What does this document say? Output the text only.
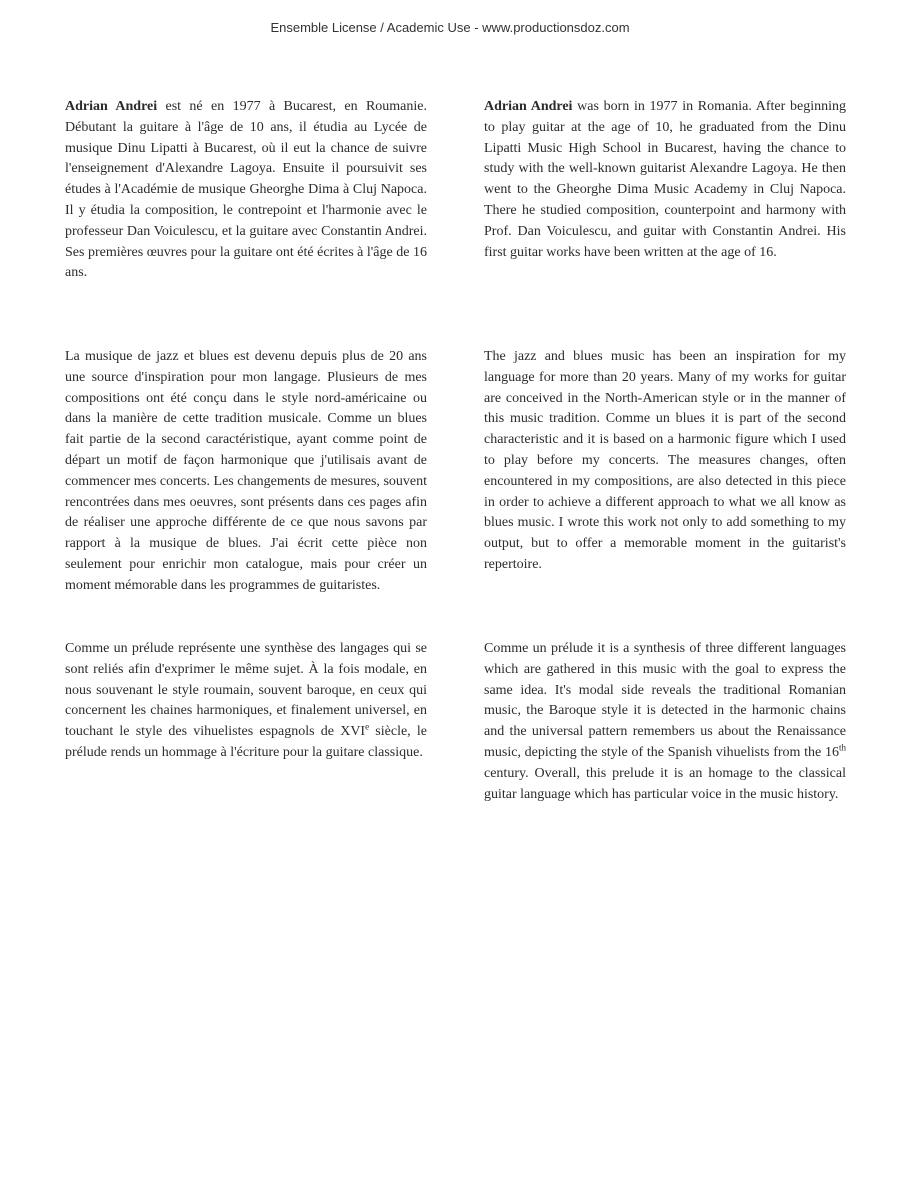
Ensemble License / Academic Use - www.productionsdoz.com

Adrian Andrei est né en 1977 à Bucarest, en Roumanie. Débutant la guitare à l'âge de 10 ans, il étudia au Lycée de musique Dinu Lipatti à Bucarest, où il eut la chance de suivre l'enseignement d'Alexandre Lagoya. Ensuite il poursuivit ses études à l'Académie de musique Gheorghe Dima à Cluj Napoca. Il y étudia la composition, le contrepoint et l'harmonie avec le professeur Dan Voiculescu, et la guitare avec Constantin Andrei. Ses premières œuvres pour la guitare ont été écrites à l'âge de 16 ans.

La musique de jazz et blues est devenu depuis plus de 20 ans une source d'inspiration pour mon langage. Plusieurs de mes compositions ont été conçu dans le style nord-américaine ou dans la manière de cette tradition musicale. Comme un blues fait partie de la second caractéristique, ayant comme point de départ un motif de façon harmonique que j'utilisais avant de commencer mes concerts. Les changements de mesures, souvent rencontrées dans mes oeuvres, sont présents dans ces pages afin de réaliser une approche différente de ce que nous savons par rapport à la musique de blues. J'ai écrit cette pièce non seulement pour enrichir mon catalogue, mais pour créer un moment mémorable dans les programmes de guitaristes.

Comme un prélude représente une synthèse des langages qui se sont reliés afin d'exprimer le même sujet. À la fois modale, en nous souvenant le style roumain, souvent baroque, en ceux qui concernent les chaines harmoniques, et finalement universel, en touchant le style des vihuelistes espagnols de XVIe siècle, le prélude rends un hommage à l'écriture pour la guitare classique.

Adrian Andrei was born in 1977 in Romania. After beginning to play guitar at the age of 10, he graduated from the Dinu Lipatti Music High School in Bucarest, having the chance to study with the well-known guitarist Alexandre Lagoya. He then went to the Gheorghe Dima Music Academy in Cluj Napoca. There he studied composition, counterpoint and harmony with Prof. Dan Voiculescu, and guitar with Constantin Andrei. His first guitar works have been written at the age of 16.

The jazz and blues music has been an inspiration for my language for more than 20 years. Many of my works for guitar are conceived in the North-American style or in the manner of this music tradition. Comme un blues it is part of the second characteristic and it is based on a harmonic figure which I used to play before my concerts. The measures changes, often encountered in my compositions, are also detected in this piece in order to achieve a different approach to what we all know as blues music. I wrote this work not only to add something to my output, but to offer a memorable moment in the guitarist's repertoire.

Comme un prélude it is a synthesis of three different languages which are gathered in this music with the goal to express the same idea. It's modal side reveals the traditional Romanian music, the Baroque style it is detected in the harmonic chains and the universal pattern remembers us about the Renaissance music, depicting the style of the Spanish vihuelists from the 16th century. Overall, this prelude it is an homage to the classical guitar language which has particular voice in the music history.
